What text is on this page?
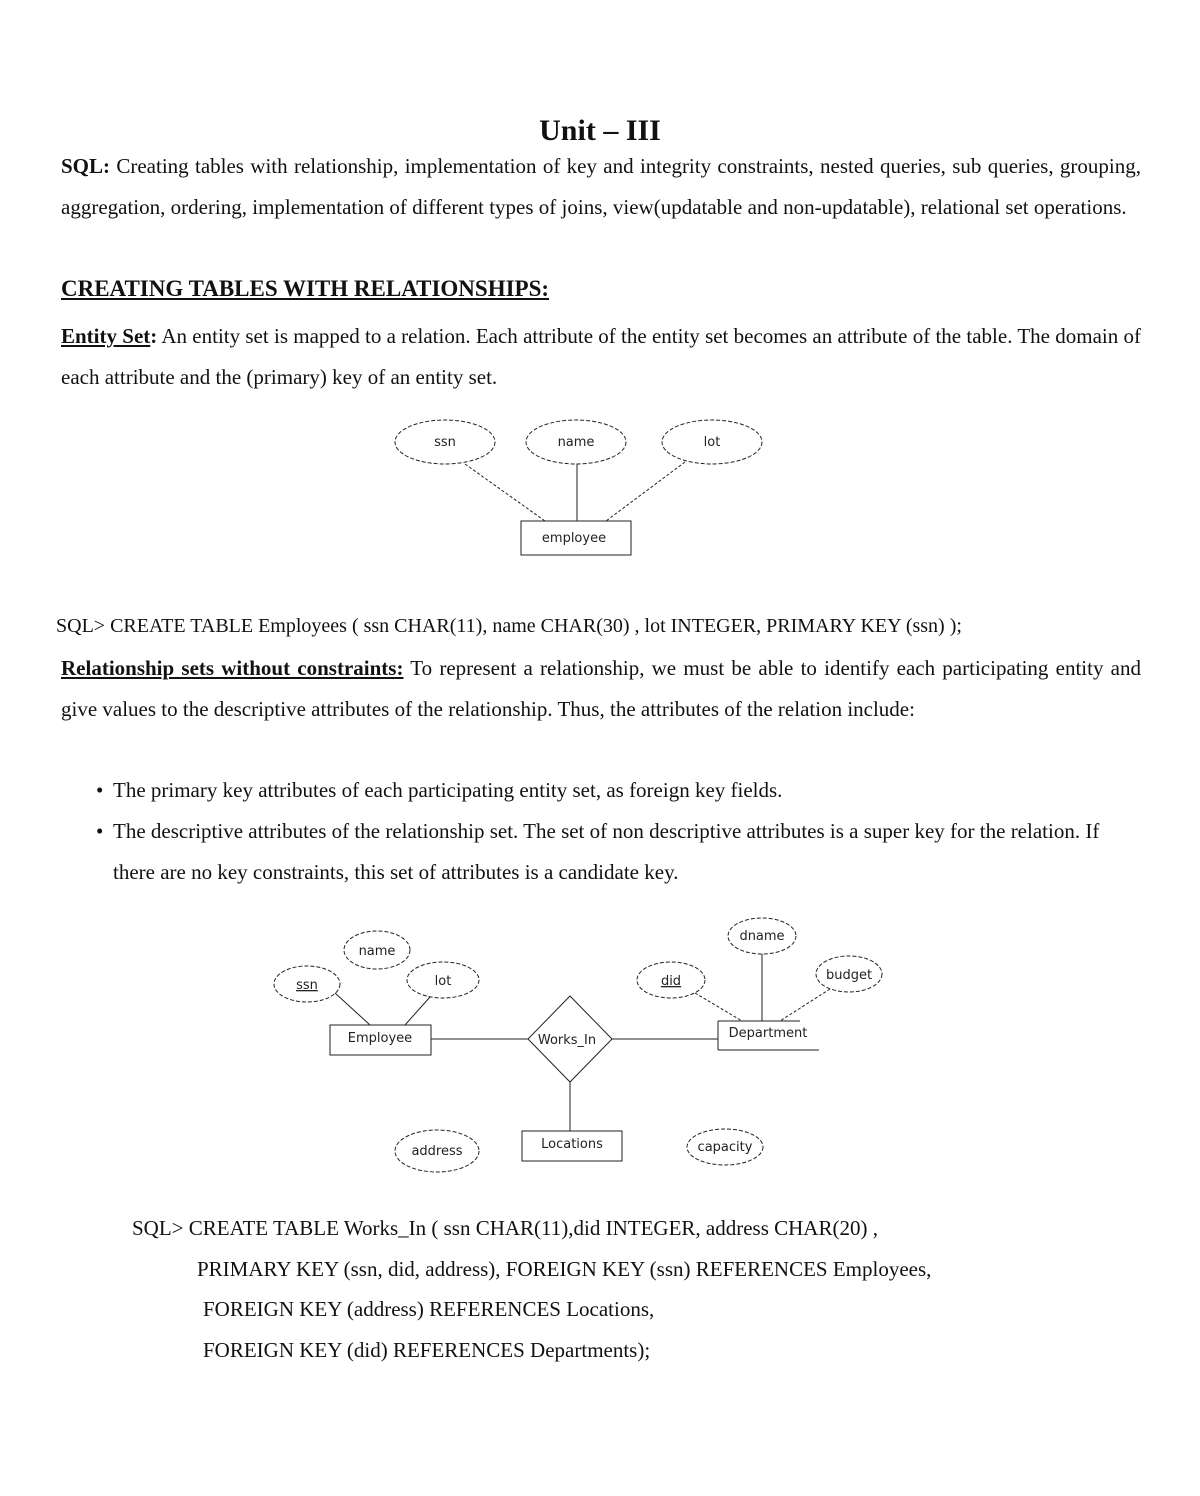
Unit – III
SQL: Creating tables with relationship, implementation of key and integrity constraints, nested queries, sub queries, grouping, aggregation, ordering, implementation of different types of joins, view(updatable and non-updatable), relational set operations.
CREATING TABLES WITH RELATIONSHIPS:
Entity Set: An entity set is mapped to a relation. Each attribute of the entity set becomes an attribute of the table. The domain of each attribute and the (primary) key of an entity set.
ssn	name	lot
employee
SQL> CREATE TABLE Employees ( ssn CHAR(11), name CHAR(30) , lot INTEGER, PRIMARY KEY (ssn) );
Relationship sets without constraints: To represent a relationship, we must be able to identify each participating entity and give values to the descriptive attributes of the relationship. Thus, the attributes of the relation include:
• The primary key attributes of each participating entity set, as foreign key fields.
• The descriptive attributes of the relationship set. The set of non descriptive attributes is a super key for the relation. If there are no key constraints, this set of attributes is a candidate key.
name
ssn	lot
Employee	Works_In	Department
dname
did	budget
Locations
address	capacity
SQL> CREATE TABLE Works_In ( ssn CHAR(11),did INTEGER, address CHAR(20) ,
PRIMARY KEY (ssn, did, address), FOREIGN KEY (ssn) REFERENCES Employees,
FOREIGN KEY (address) REFERENCES Locations,
FOREIGN KEY (did) REFERENCES Departments);
